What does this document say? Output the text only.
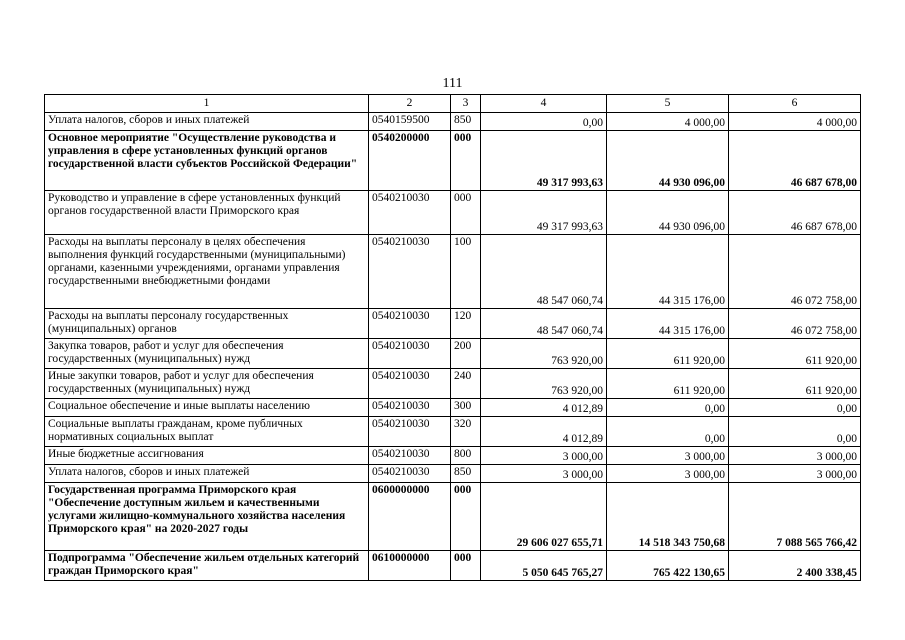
111
1	2	3	4	5	6
Уплата налогов, сборов и иных платежей	0540159500	850	0,00	4 000,00	4 000,00
Основное мероприятие "Осуществление руководства и управления в сфере установленных функций органов государственной власти субъектов Российской Федерации"	0540200000	000	49 317 993,63	44 930 096,00	46 687 678,00
Руководство и управление в сфере установленных функций органов государственной власти Приморского края	0540210030	000	49 317 993,63	44 930 096,00	46 687 678,00
Расходы на выплаты персоналу в целях обеспечения выполнения функций государственными (муниципальными) органами, казенными учреждениями, органами управления государственными внебюджетными фондами	0540210030	100	48 547 060,74	44 315 176,00	46 072 758,00
Расходы на выплаты персоналу государственных (муниципальных) органов	0540210030	120	48 547 060,74	44 315 176,00	46 072 758,00
Закупка товаров, работ и услуг для обеспечения государственных (муниципальных) нужд	0540210030	200	763 920,00	611 920,00	611 920,00
Иные закупки товаров, работ и услуг для обеспечения государственных (муниципальных) нужд	0540210030	240	763 920,00	611 920,00	611 920,00
Социальное обеспечение и иные выплаты населению	0540210030	300	4 012,89	0,00	0,00
Социальные выплаты гражданам, кроме публичных нормативных социальных выплат	0540210030	320	4 012,89	0,00	0,00
Иные бюджетные ассигнования	0540210030	800	3 000,00	3 000,00	3 000,00
Уплата налогов, сборов и иных платежей	0540210030	850	3 000,00	3 000,00	3 000,00
Государственная программа Приморского края "Обеспечение доступным жильем и качественными услугами жилищно-коммунального хозяйства населения Приморского края" на 2020-2027 годы	0600000000	000	29 606 027 655,71	14 518 343 750,68	7 088 565 766,42
Подпрограмма "Обеспечение жильем отдельных категорий граждан Приморского края"	0610000000	000	5 050 645 765,27	765 422 130,65	2 400 338,45
